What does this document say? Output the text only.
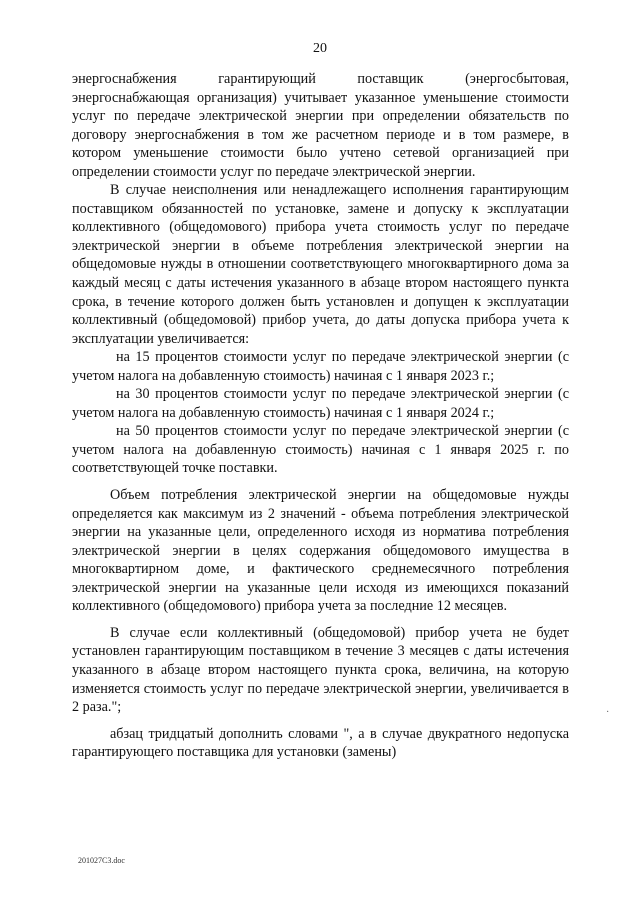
20

энергоснабжения гарантирующий поставщик (энергосбытовая, энергоснабжающая организация) учитывает указанное уменьшение стоимости услуг по передаче электрической энергии при определении обязательств по договору энергоснабжения в том же расчетном периоде и в том размере, в котором уменьшение стоимости было учтено сетевой организацией при определении стоимости услуг по передаче электрической энергии.

В случае неисполнения или ненадлежащего исполнения гарантирующим поставщиком обязанностей по установке, замене и допуску к эксплуатации коллективного (общедомового) прибора учета стоимость услуг по передаче электрической энергии в объеме потребления электрической энергии на общедомовые нужды в отношении соответствующего многоквартирного дома за каждый месяц с даты истечения указанного в абзаце втором настоящего пункта срока, в течение которого должен быть установлен и допущен к эксплуатации коллективный (общедомовой) прибор учета, до даты допуска прибора учета к эксплуатации увеличивается:

на 15 процентов стоимости услуг по передаче электрической энергии (с учетом налога на добавленную стоимость) начиная с 1 января 2023 г.;

на 30 процентов стоимости услуг по передаче электрической энергии (с учетом налога на добавленную стоимость) начиная с 1 января 2024 г.;

на 50 процентов стоимости услуг по передаче электрической энергии (с учетом налога на добавленную стоимость) начиная с 1 января 2025 г. по соответствующей точке поставки.

Объем потребления электрической энергии на общедомовые нужды определяется как максимум из 2 значений - объема потребления электрической энергии на указанные цели, определенного исходя из норматива потребления электрической энергии в целях содержания общедомового имущества в многоквартирном доме, и фактического среднемесячного потребления электрической энергии на указанные цели исходя из имеющихся показаний коллективного (общедомового) прибора учета за последние 12 месяцев.

В случае если коллективный (общедомовой) прибор учета не будет установлен гарантирующим поставщиком в течение 3 месяцев с даты истечения указанного в абзаце втором настоящего пункта срока, величина, на которую изменяется стоимость услуг по передаче электрической энергии, увеличивается в 2 раза.";

абзац тридцатый дополнить словами ", а в случае двукратного недопуска гарантирующего поставщика для установки (замены)

·
201027С3.doc
